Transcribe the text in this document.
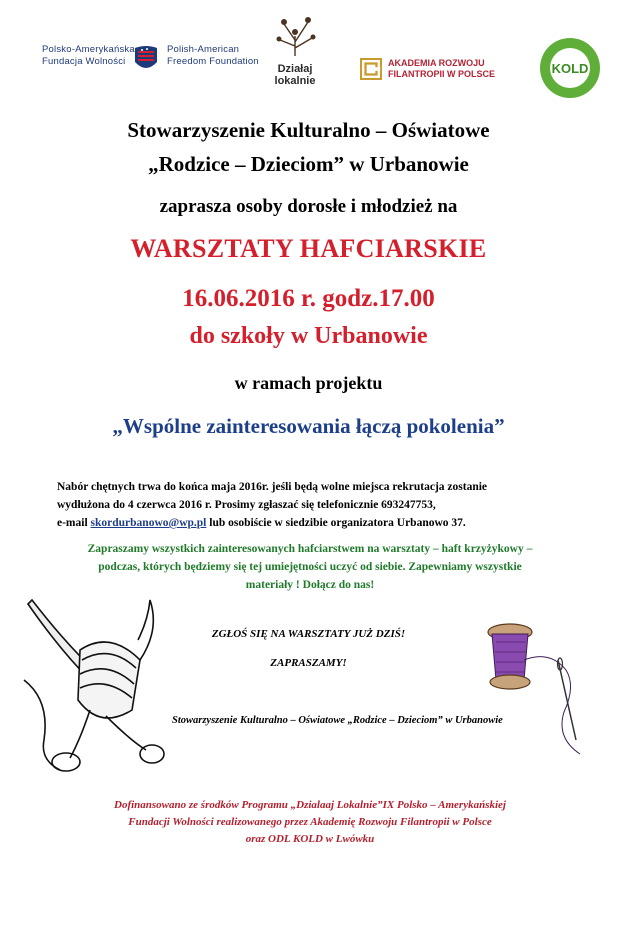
Polsko-Amerykańska
Fundacja Wolności
Polish-American
Freedom Foundation
Działaj
lokalnie
AKADEMIA ROZWOJU
FILANTROPII W POLSCE	KOLD
Stowarzyszenie Kulturalno – Oświatowe
„Rodzice – Dzieciom” w Urbanowie
zaprasza osoby dorosłe i młodzież na
WARSZTATY HAFCIARSKIE
16.06.2016 r. godz.17.00
do szkoły w Urbanowie
w ramach projektu
„Wspólne zainteresowania łączą pokolenia”
Nabór chętnych trwa do końca maja 2016r. jeśli będą wolne miejsca rekrutacja zostanie
wydłużona do 4 czerwca 2016 r. Prosimy zgłaszać się telefonicznie 693247753,
e-mail skordurbanowo@wp.pl lub osobiście w siedzibie organizatora Urbanowo 37.
Zapraszamy wszystkich zainteresowanych hafciarstwem na warsztaty – haft krzyżykowy –
podczas, których będziemy się tej umiejętności uczyć od siebie. Zapewniamy wszystkie
materiały ! Dołącz do nas!
ZGŁOŚ SIĘ NA WARSZTATY JUŻ DZIŚ!
ZAPRASZAMY!
Stowarzyszenie Kulturalno – Oświatowe „Rodzice – Dzieciom” w Urbanowie
Dofinansowano ze środków Programu „Dzialaaj Lokalnie”IX Polsko – Amerykańskiej
Fundacji Wolności realizowanego przez Akademię Rozwoju Filantropii w Polsce
oraz ODL KOLD w Lwówku
